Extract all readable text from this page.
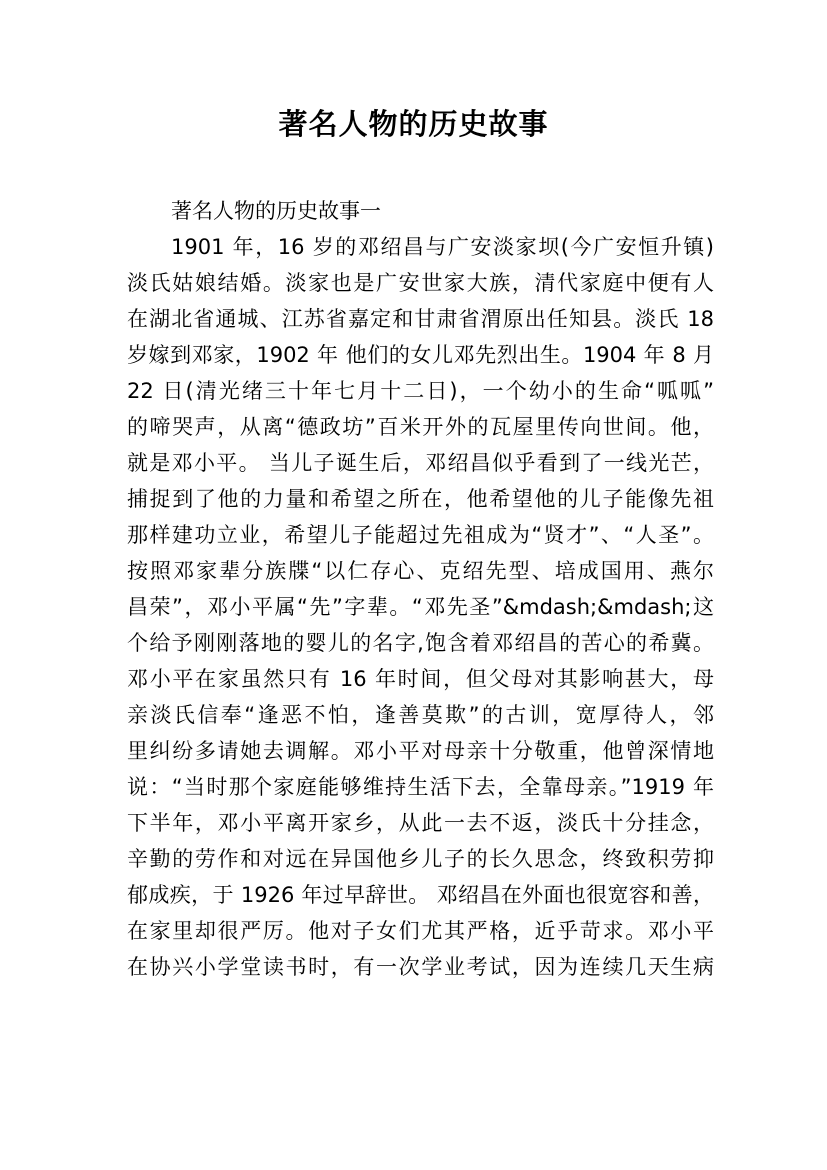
著名人物的历史故事
著名人物的历史故事一
1901 年，16 岁的邓绍昌与广安淡家坝(今广安恒升镇)
淡氏姑娘结婚。淡家也是广安世家大族，清代家庭中便有人
在湖北省通城、江苏省嘉定和甘肃省渭原出任知县。淡氏 18
岁嫁到邓家，1902 年 他们的女儿邓先烈出生。1904 年 8 月
22 日(清光绪三十年七月十二日)，一个幼小的生命“呱呱”
的啼哭声，从离“德政坊”百米开外的瓦屋里传向世间。他，
就是邓小平。 当儿子诞生后，邓绍昌似乎看到了一线光芒，
捕捉到了他的力量和希望之所在，他希望他的儿子能像先祖
那样建功立业，希望儿子能超过先祖成为“贤才”、“人圣”。
按照邓家辈分族牒“以仁存心、克绍先型、培成国用、燕尔
昌荣”，邓小平属“先”字辈。“邓先圣”&mdash;&mdash;这
个给予刚刚落地的婴儿的名字,饱含着邓绍昌的苦心的希冀。
邓小平在家虽然只有 16 年时间，但父母对其影响甚大，母
亲淡氏信奉“逢恶不怕，逢善莫欺”的古训，宽厚待人，邻
里纠纷多请她去调解。邓小平对母亲十分敬重，他曾深情地
说：“当时那个家庭能够维持生活下去，全靠母亲。”1919 年
下半年，邓小平离开家乡，从此一去不返，淡氏十分挂念，
辛勤的劳作和对远在异国他乡儿子的长久思念，终致积劳抑
郁成疾，于 1926 年过早辞世。 邓绍昌在外面也很宽容和善，
在家里却很严厉。他对子女们尤其严格，近乎苛求。邓小平
在协兴小学堂读书时，有一次学业考试，因为连续几天生病
